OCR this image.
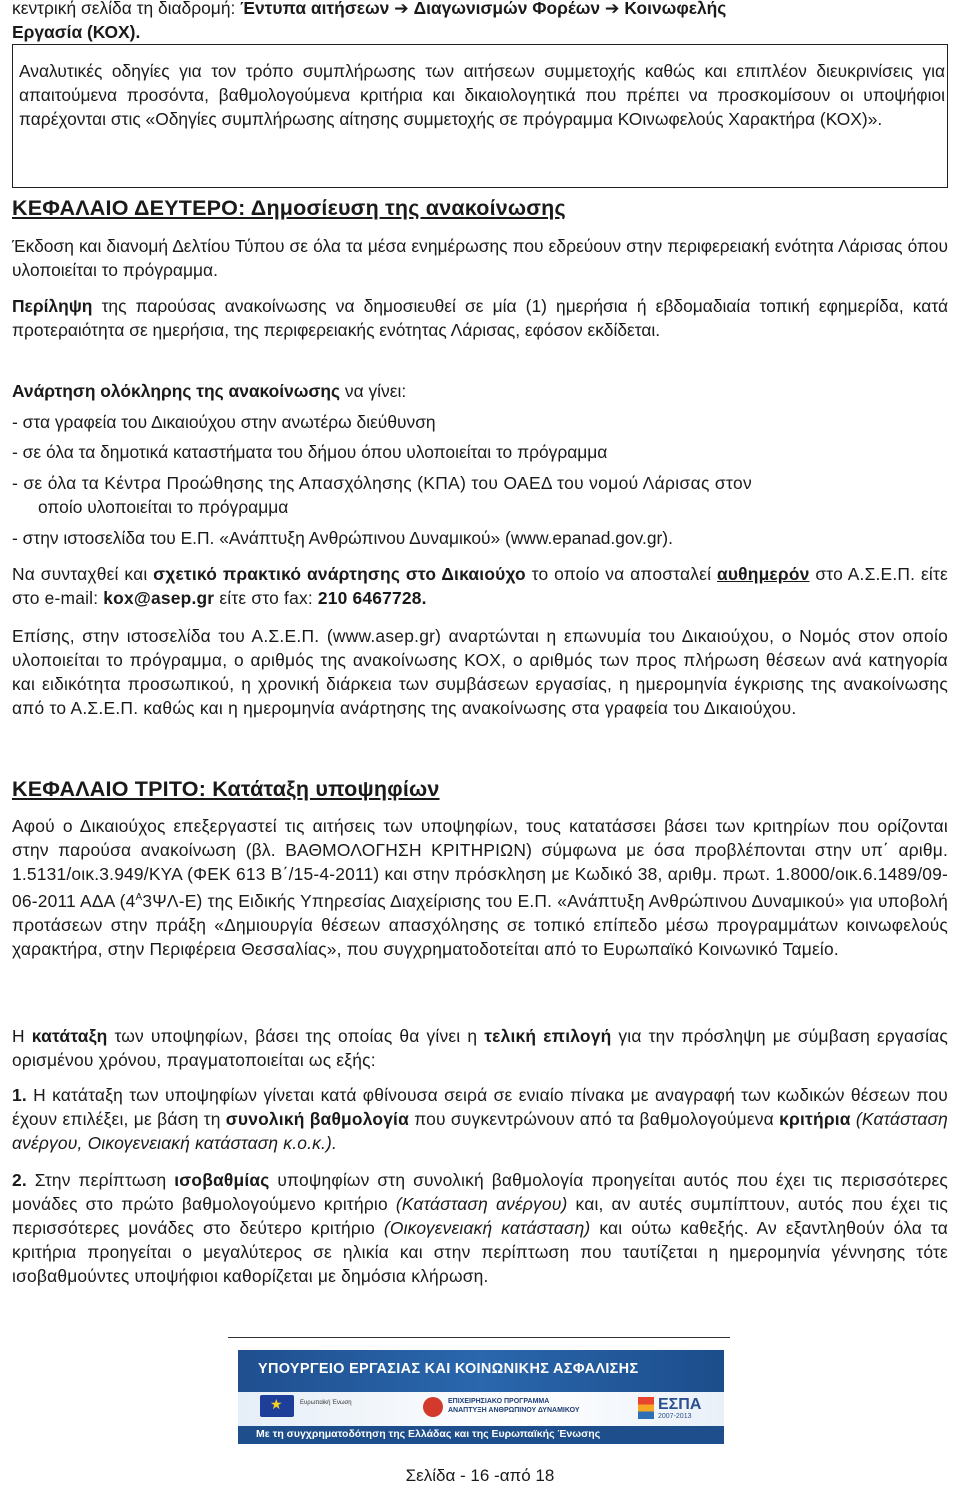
κεντρική σελίδα τη διαδρομή: Έντυπα αιτήσεων ➔ Διαγωνισμών Φορέων ➔ Κοινωφελής

Εργασία (ΚΟΧ).

Αναλυτικές οδηγίες για τον τρόπο συμπλήρωσης των αιτήσεων συμμετοχής καθώς και επιπλέον διευκρινίσεις για απαιτούμενα προσόντα, βαθμολογούμενα κριτήρια και δικαιολογητικά που πρέπει να προσκομίσουν οι υποψήφιοι παρέχονται στις «Οδηγίες συμπλήρωσης αίτησης συμμετοχής σε πρόγραμμα ΚΟινωφελούς Χαρακτήρα (ΚΟΧ)».

ΚΕΦΑΛΑΙΟ ΔΕΥΤΕΡΟ: Δημοσίευση της ανακοίνωσης

Έκδοση και διανομή Δελτίου Τύπου σε όλα τα μέσα ενημέρωσης που εδρεύουν στην περιφερειακή ενότητα Λάρισας όπου υλοποιείται το πρόγραμμα.

Περίληψη της παρούσας ανακοίνωσης να δημοσιευθεί σε μία (1) ημερήσια ή εβδομαδιαία τοπική εφημερίδα, κατά προτεραιότητα σε ημερήσια, της περιφερειακής ενότητας Λάρισας, εφόσον εκδίδεται.

Ανάρτηση ολόκληρης της ανακοίνωσης να γίνει:

- στα γραφεία του Δικαιούχου στην ανωτέρω διεύθυνση
- σε όλα τα δημοτικά καταστήματα του δήμου όπου υλοποιείται το πρόγραμμα
- σε όλα τα Κέντρα Προώθησης της Απασχόλησης (ΚΠΑ) του ΟΑΕΔ του νομού Λάρισας στον
οποίο υλοποιείται το πρόγραμμα
- στην ιστοσελίδα του Ε.Π. «Ανάπτυξη Ανθρώπινου Δυναμικού» (www.epanad.gov.gr).

Να συνταχθεί και σχετικό πρακτικό ανάρτησης στο Δικαιούχο το οποίο να αποσταλεί αυθημερόν στο Α.Σ.Ε.Π. είτε στο e-mail: kox@asep.gr είτε στο fax: 210 6467728.

Επίσης, στην ιστοσελίδα του Α.Σ.Ε.Π. (www.asep.gr) αναρτώνται η επωνυμία του Δικαιούχου, ο Νομός στον οποίο υλοποιείται το πρόγραμμα, ο αριθμός της ανακοίνωσης ΚΟΧ, ο αριθμός των προς πλήρωση θέσεων ανά κατηγορία και ειδικότητα προσωπικού, η χρονική διάρκεια των συμβάσεων εργασίας, η ημερομηνία έγκρισης της ανακοίνωσης από το Α.Σ.Ε.Π. καθώς και η ημερομηνία ανάρτησης της ανακοίνωσης στα γραφεία του Δικαιούχου.

ΚΕΦΑΛΑΙΟ ΤΡΙΤΟ: Κατάταξη υποψηφίων

Αφού ο Δικαιούχος επεξεργαστεί τις αιτήσεις των υποψηφίων, τους κατατάσσει βάσει των κριτηρίων που ορίζονται στην παρούσα ανακοίνωση (βλ. ΒΑΘΜΟΛΟΓΗΣΗ ΚΡΙΤΗΡΙΩΝ) σύμφωνα με όσα προβλέπονται στην υπ΄ αριθμ. 1.5131/οικ.3.949/ΚΥΑ (ΦΕΚ 613 Β΄/15-4-2011) και στην πρόσκληση με Κωδικό 38, αριθμ. πρωτ. 1.8000/οικ.6.1489/09-06-2011 ΑΔΑ $(4^A3\Psi\Lambda-E)$ της Ειδικής Υπηρεσίας Διαχείρισης του Ε.Π. «Ανάπτυξη Ανθρώπινου Δυναμικού» για υποβολή προτάσεων στην πράξη «Δημιουργία θέσεων απασχόλησης σε τοπικό επίπεδο μέσω προγραμμάτων κοινωφελούς χαρακτήρα, στην Περιφέρεια Θεσσαλίας», που συγχρηματοδοτείται από το Ευρωπαϊκό Κοινωνικό Ταμείο.

Η κατάταξη των υποψηφίων, βάσει της οποίας θα γίνει η τελική επιλογή για την πρόσληψη με σύμβαση εργασίας ορισμένου χρόνου, πραγματοποιείται ως εξής:

1. Η κατάταξη των υποψηφίων γίνεται κατά φθίνουσα σειρά σε ενιαίο πίνακα με αναγραφή των κωδικών θέσεων που έχουν επιλέξει, με βάση τη συνολική βαθμολογία που συγκεντρώνουν από τα βαθμολογούμενα κριτήρια (Κατάσταση ανέργου, Οικογενειακή κατάσταση κ.ο.κ.).

2. Στην περίπτωση ισοβαθμίας υποψηφίων στη συνολική βαθμολογία προηγείται αυτός που έχει τις περισσότερες μονάδες στο πρώτο βαθμολογούμενο κριτήριο (Κατάσταση ανέργου) και, αν αυτές συμπίπτουν, αυτός που έχει τις περισσότερες μονάδες στο δεύτερο κριτήριο (Οικογενειακή κατάσταση) και ούτω καθεξής. Αν εξαντληθούν όλα τα κριτήρια προηγείται ο μεγαλύτερος σε ηλικία και στην περίπτωση που ταυτίζεται η ημερομηνία γέννησης τότε ισοβαθμούντες υποψήφιοι καθορίζεται με δημόσια κλήρωση.

ΥΠΟΥΡΓΕΙΟ ΕΡΓΑΣΙΑΣ ΚΑΙ ΚΟΙΝΩΝΙΚΗΣ ΑΣΦΑΛΙΣΗΣ
★
Ευρωπαϊκή Ένωση	ΕΠΙΧΕΙΡΗΣΙΑΚΟ ΠΡΟΓΡΑΜΜΑ
ΑΝΑΠΤΥΞΗ ΑΝΘΡΩΠΙΝΟΥ ΔΥΝΑΜΙΚΟΥ	ΕΣΠΑ
2007-2013
Με τη συγχρηματοδότηση της Ελλάδας και της Ευρωπαϊκής Ένωσης
Σελίδα - 16 -από 18
